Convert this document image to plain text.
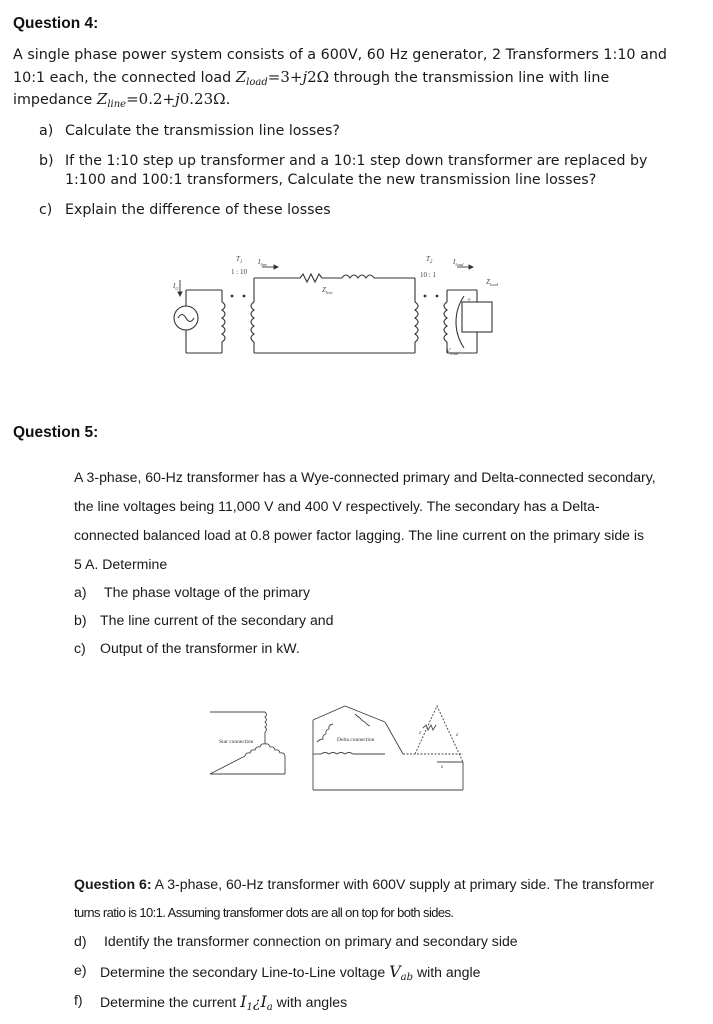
Question 4:
A single phase power system consists of a 600V, 60 Hz generator, 2 Transformers 1:10 and
10:1 each, the connected load $Z_{load}=3+j2\Omega$ through the transmission line with line
impedance $Z_{line}=0.2+j0.23\Omega$.
a) Calculate the transmission line losses?
b) If the 1:10 step up transformer and a 10:1 step down transformer are replaced by
1:100 and 100:1 transformers, Calculate the new transmission line losses?
c) Explain the difference of these losses
$T_1$
1 : 10
$I_{line}$
$Z_{line}$
$T_2$
10 : 1
$I_{load}$
$Z_{load}$
$V_{load}$
$I_G$
+
Question 5:
A 3-phase, 60-Hz transformer has a Wye-connected primary and Delta-connected secondary,
the line voltages being 11,000 V and 400 V respectively. The secondary has a Delta-
connected balanced load at 0.8 power factor lagging. The line current on the primary side is
5 A. Determine
a) The phase voltage of the primary
b) The line current of the secondary and
c) Output of the transformer in kW.
Star connection	Delta connection
z	z
z
Question 6: A 3-phase, 60-Hz transformer with 600V supply at primary side. The transformer
turns ratio is 10:1. Assuming transformer dots are all on top for both sides.
d) Identify the transformer connection on primary and secondary side
e) Determine the secondary Line-to-Line voltage $V_{ab}$ with angle
f) Determine the current $I_1¿I_a$ with angles
